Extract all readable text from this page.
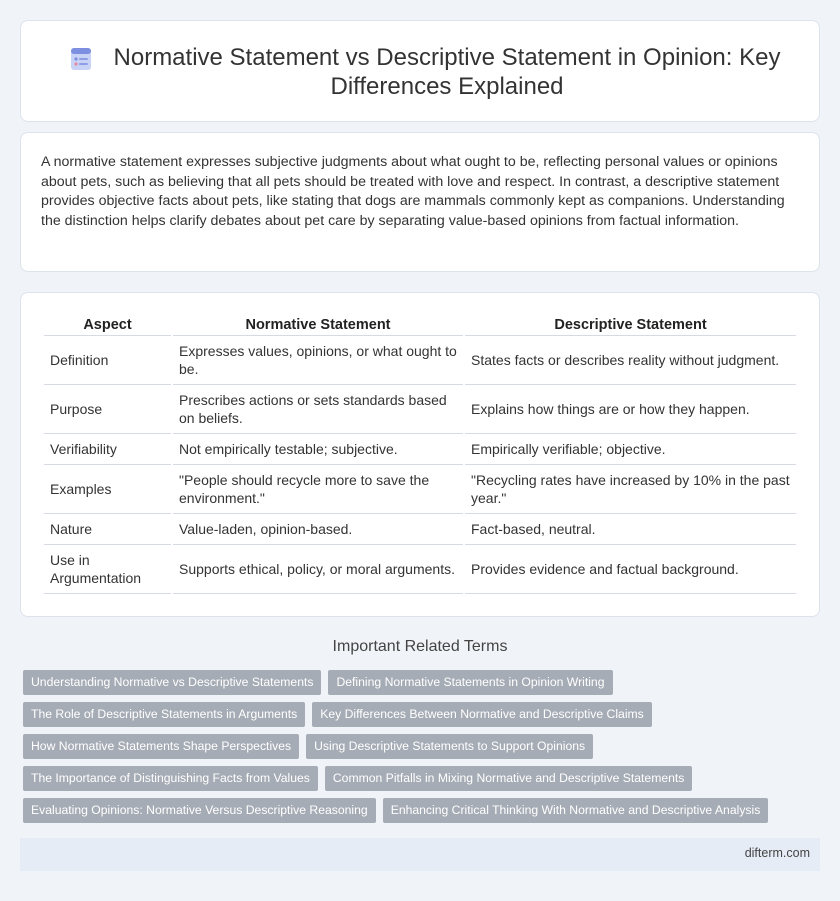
Normative Statement vs Descriptive Statement in Opinion: Key Differences Explained

A normative statement expresses subjective judgments about what ought to be, reflecting personal values or opinions about pets, such as believing that all pets should be treated with love and respect. In contrast, a descriptive statement provides objective facts about pets, like stating that dogs are mammals commonly kept as companions. Understanding the distinction helps clarify debates about pet care by separating value-based opinions from factual information.

Aspect	Normative Statement	Descriptive Statement
Definition	Expresses values, opinions, or what ought to be.	States facts or describes reality without judgment.
Purpose	Prescribes actions or sets standards based on beliefs.	Explains how things are or how they happen.
Verifiability	Not empirically testable; subjective.	Empirically verifiable; objective.
Examples	"People should recycle more to save the environment."	"Recycling rates have increased by 10% in the past year."
Nature	Value-laden, opinion-based.	Fact-based, neutral.
Use in Argumentation	Supports ethical, policy, or moral arguments.	Provides evidence and factual background.
Important Related Terms
Understanding Normative vs Descriptive Statements	Defining Normative Statements in Opinion Writing
The Role of Descriptive Statements in Arguments	Key Differences Between Normative and Descriptive Claims
How Normative Statements Shape Perspectives	Using Descriptive Statements to Support Opinions
The Importance of Distinguishing Facts from Values	Common Pitfalls in Mixing Normative and Descriptive Statements
Evaluating Opinions: Normative Versus Descriptive Reasoning	Enhancing Critical Thinking With Normative and Descriptive Analysis
difterm.com
